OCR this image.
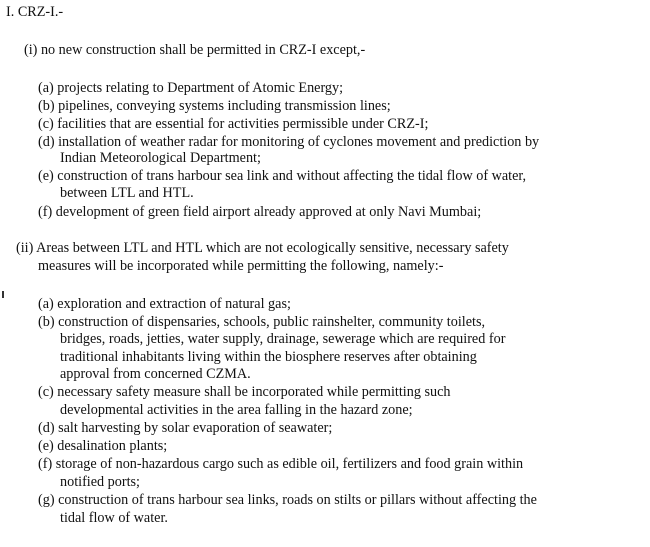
I. CRZ-I.-
(i) no new construction shall be permitted in CRZ-I except,-
(a) projects relating to Department of Atomic Energy;
(b) pipelines, conveying systems including transmission lines;
(c) facilities that are essential for activities permissible under CRZ-I;
(d) installation of weather radar for monitoring of cyclones movement and prediction by
Indian Meteorological Department;
(e) construction of trans harbour sea link and without affecting the tidal flow of water,
between LTL and HTL.
(f) development of green field airport already approved at only Navi Mumbai;
(ii) Areas between LTL and HTL which are not ecologically sensitive, necessary safety
measures will be incorporated while permitting the following, namely:-
(a) exploration and extraction of natural gas;
(b) construction of dispensaries, schools, public rainshelter, community toilets,
bridges, roads, jetties, water supply, drainage, sewerage which are required for
traditional inhabitants living within the biosphere reserves after obtaining
approval from concerned CZMA.
(c) necessary safety measure shall be incorporated while permitting such
developmental activities in the area falling in the hazard zone;
(d) salt harvesting by solar evaporation of seawater;
(e) desalination plants;
(f) storage of non-hazardous cargo such as edible oil, fertilizers and food grain within
notified ports;
(g) construction of trans harbour sea links, roads on stilts or pillars without affecting the
tidal flow of water.
